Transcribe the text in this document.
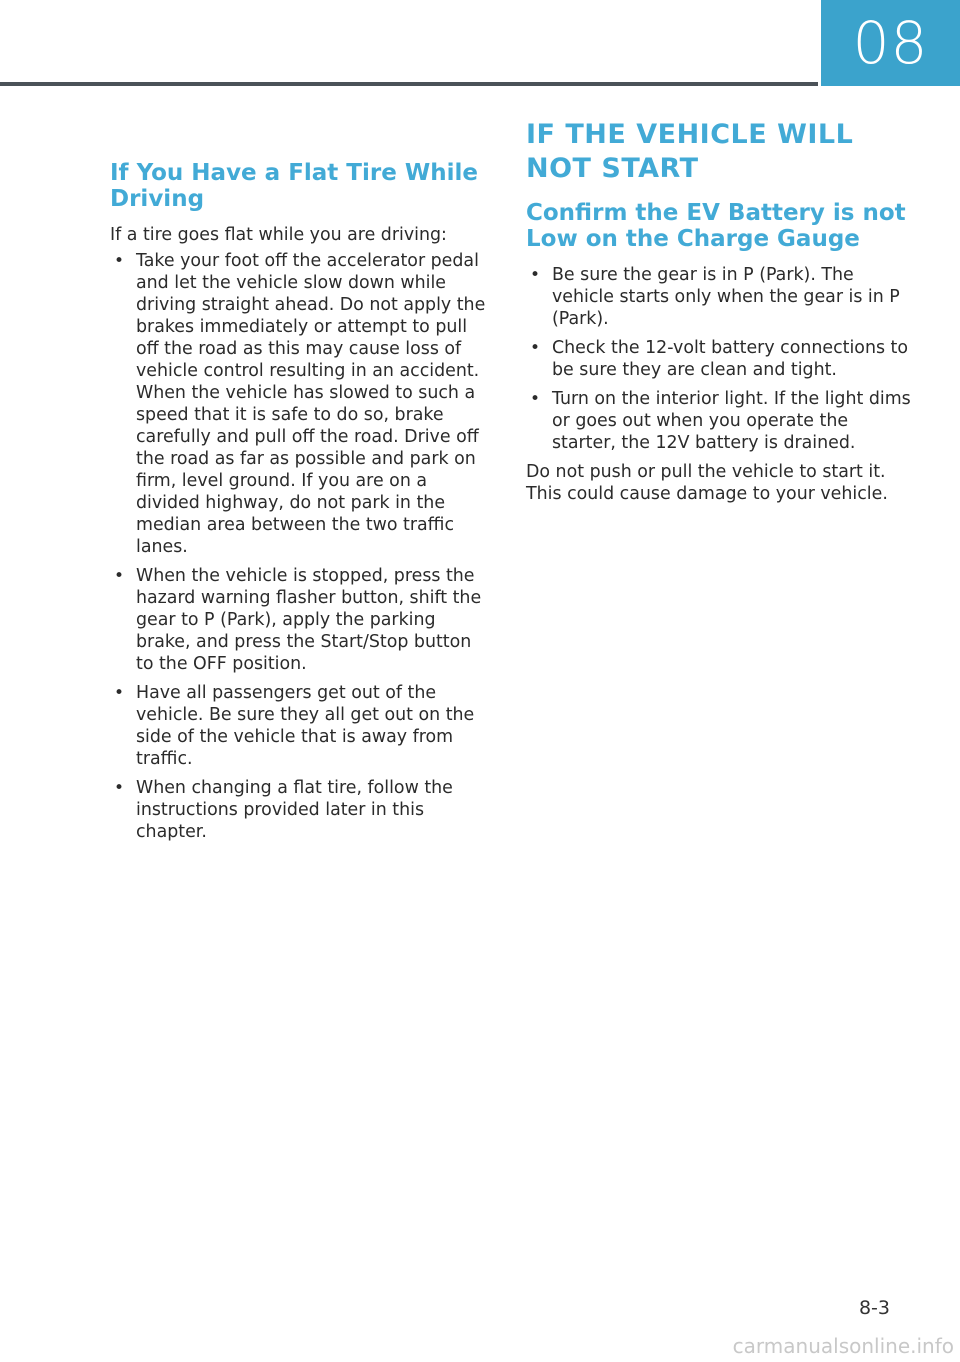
08
If You Have a Flat Tire While Driving

If a tire goes flat while you are driving:

• Take your foot off the accelerator pedal and let the vehicle slow down while driving straight ahead. Do not apply the brakes immediately or attempt to pull off the road as this may cause loss of vehicle control resulting in an accident. When the vehicle has slowed to such a speed that it is safe to do so, brake carefully and pull off the road. Drive off the road as far as possible and park on firm, level ground. If you are on a divided highway, do not park in the median area between the two traffic lanes.
• When the vehicle is stopped, press the hazard warning flasher button, shift the gear to P (Park), apply the parking brake, and press the Start/Stop button to the OFF position.
• Have all passengers get out of the vehicle. Be sure they all get out on the side of the vehicle that is away from traffic.
• When changing a flat tire, follow the instructions provided later in this chapter.
IF THE VEHICLE WILL NOT START
Confirm the EV Battery is not Low on the Charge Gauge
• Be sure the gear is in P (Park). The vehicle starts only when the gear is in P (Park).
• Check the 12-volt battery connections to be sure they are clean and tight.
• Turn on the interior light. If the light dims or goes out when you operate the starter, the 12V battery is drained.

Do not push or pull the vehicle to start it. This could cause damage to your vehicle.

8-3
carmanualsonline.info
